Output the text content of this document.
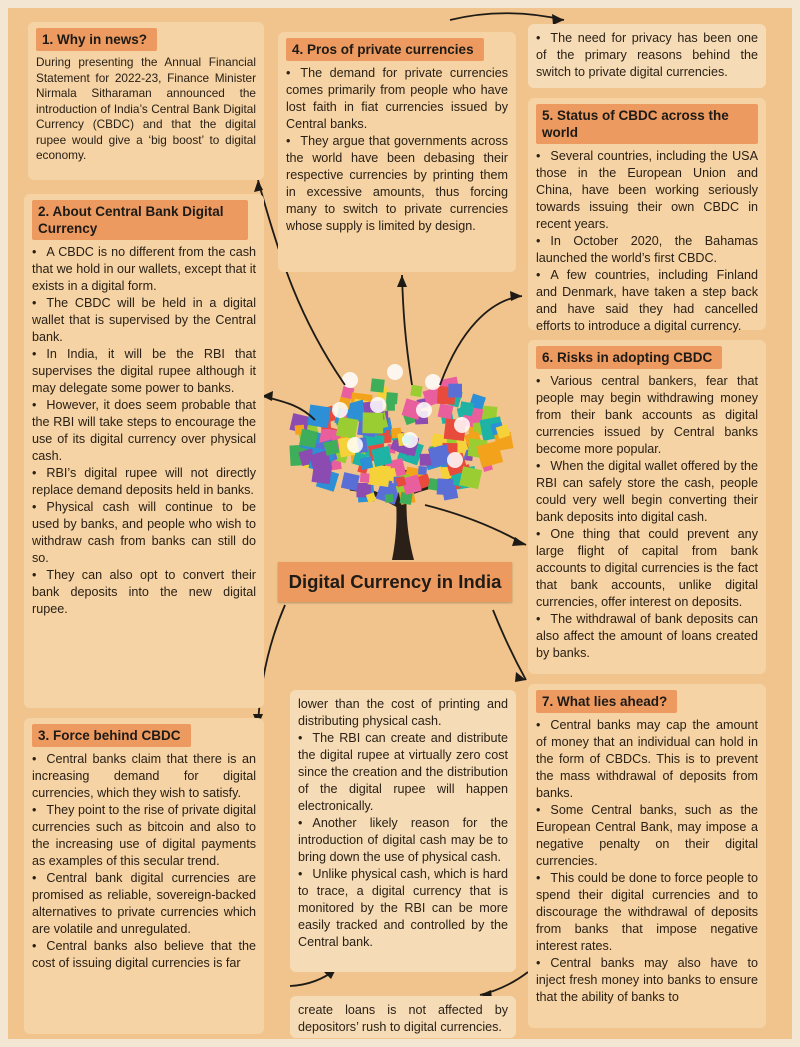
1. Why in news?

During presenting the Annual Financial Statement for 2022-23, Finance Minister Nirmala Sitharaman announced the introduction of India’s Central Bank Digital Currency (CBDC) and that the digital rupee would give a ‘big boost’ to digital economy.

2. About Central Bank Digital Currency

• A CBDC is no different from the cash that we hold in our wallets, except that it exists in a digital form.

• The CBDC will be held in a digital wallet that is supervised by the Central bank.

• In India, it will be the RBI that supervises the digital rupee although it may delegate some power to banks.

• However, it does seem probable that the RBI will take steps to encourage the use of its digital currency over physical cash.

• RBI’s digital rupee will not directly replace demand deposits held in banks.

• Physical cash will continue to be used by banks, and people who wish to withdraw cash from banks can still do so.

• They can also opt to convert their bank deposits into the new digital rupee.

3. Force behind CBDC

• Central banks claim that there is an increasing demand for digital currencies, which they wish to satisfy.

• They point to the rise of private digital currencies such as bitcoin and also to the increasing use of digital payments as examples of this secular trend.

• Central bank digital currencies are promised as reliable, sovereign-backed alternatives to private currencies which are volatile and unregulated.

• Central banks also believe that the cost of issuing digital currencies is far

4. Pros of private currencies

• The demand for private currencies comes primarily from people who have lost faith in fiat currencies issued by Central banks.

• They argue that governments across the world have been debasing their respective currencies by printing them in excessive amounts, thus forcing many to switch to private currencies whose supply is limited by design.

lower than the cost of printing and distributing physical cash.

• The RBI can create and distribute the digital rupee at virtually zero cost since the creation and the distribution of the digital rupee will happen electronically.

• Another likely reason for the introduction of digital cash may be to bring down the use of physical cash.

• Unlike physical cash, which is hard to trace, a digital currency that is monitored by the RBI can be more easily tracked and controlled by the Central bank.

create loans is not affected by depositors’ rush to digital currencies.

• The need for privacy has been one of the primary reasons behind the switch to private digital currencies.

5. Status of CBDC across the world

• Several countries, including the USA those in the European Union and China, have been working seriously towards issuing their own CBDC in recent years.

• In October 2020, the Bahamas launched the world’s first CBDC.

• A few countries, including Finland and Denmark, have taken a step back and have said they had cancelled efforts to introduce a digital currency.

6. Risks in adopting CBDC

• Various central bankers, fear that people may begin withdrawing money from their bank accounts as digital currencies issued by Central banks become more popular.

• When the digital wallet offered by the RBI can safely store the cash, people could very well begin converting their bank deposits into digital cash.

• One thing that could prevent any large flight of capital from bank accounts to digital currencies is the fact that bank accounts, unlike digital currencies, offer interest on deposits.

• The withdrawal of bank deposits can also affect the amount of loans created by banks.

7. What lies ahead?

• Central banks may cap the amount of money that an individual can hold in the form of CBDCs. This is to prevent the mass withdrawal of deposits from banks.

• Some Central banks, such as the European Central Bank, may impose a negative penalty on their digital currencies.

• This could be done to force people to spend their digital currencies and to discourage the withdrawal of deposits from banks that impose negative interest rates.

• Central banks may also have to inject fresh money into banks to ensure that the ability of banks to

Digital Currency in India
